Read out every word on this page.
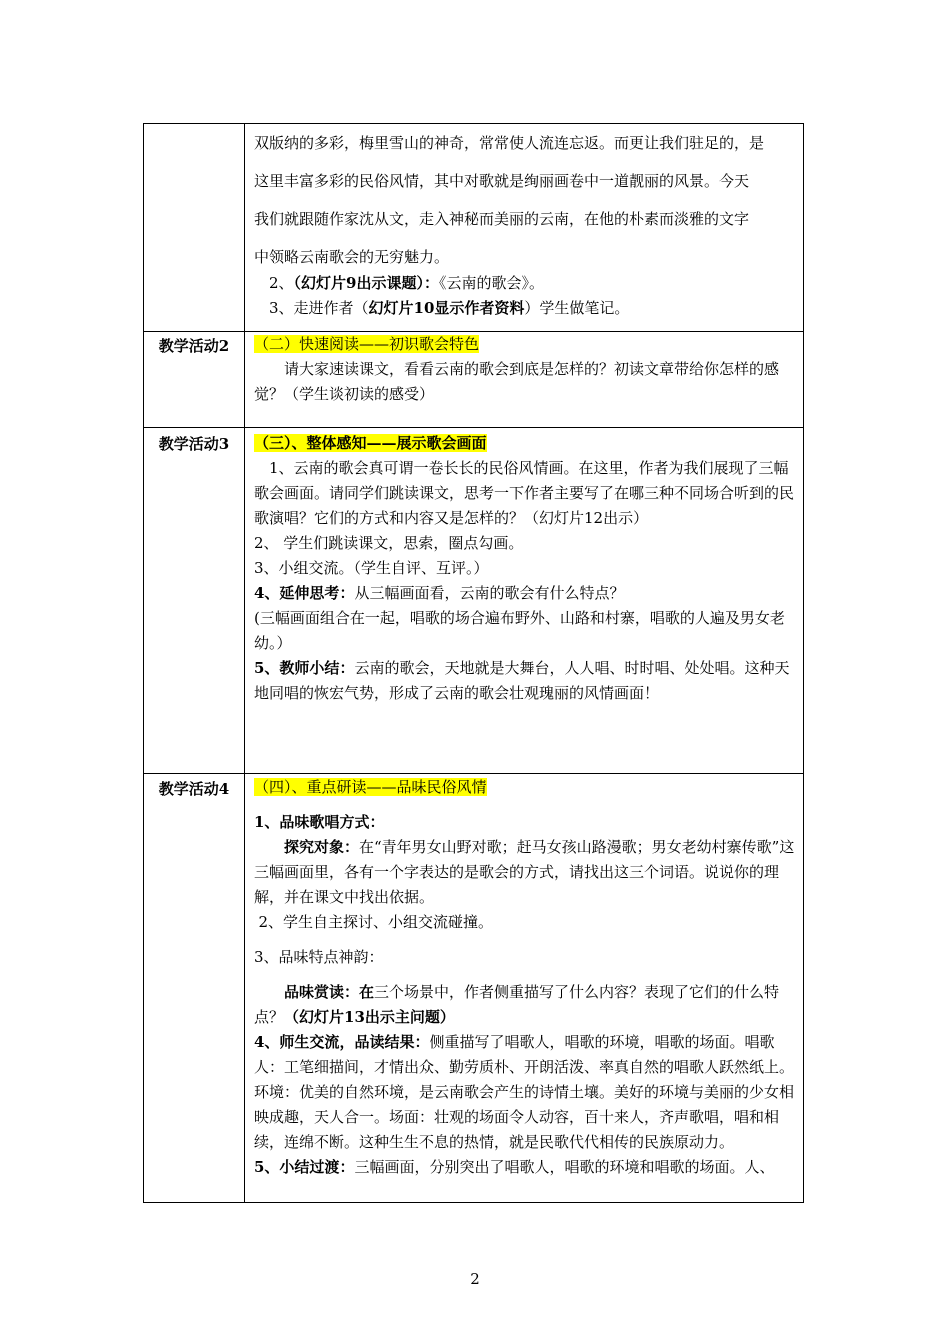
双版纳的多彩，梅里雪山的神奇，常常使人流连忘返。而更让我们驻足的，是

这里丰富多彩的民俗风情，其中对歌就是绚丽画卷中一道靓丽的风景。今天

我们就跟随作家沈从文，走入神秘而美丽的云南，在他的朴素而淡雅的文字

中领略云南歌会的无穷魅力。

2、（幻灯片9出示课题）：《云南的歌会》。

3、走进作者（幻灯片10显示作者资料）学生做笔记。

教学活动2	（二）快速阅读——初识歌会特色

请大家速读课文，看看云南的歌会到底是怎样的？初读文章带给你怎样的感觉？（学生谈初读的感受）

教学活动3	（三）、整体感知——展示歌会画面

1、云南的歌会真可谓一卷长长的民俗风情画。在这里，作者为我们展现了三幅歌会画面。请同学们跳读课文，思考一下作者主要写了在哪三种不同场合听到的民歌演唱？它们的方式和内容又是怎样的？（幻灯片12出示）

2、 学生们跳读课文，思索，圈点勾画。

3、小组交流。（学生自评、互评。）

4、延伸思考：从三幅画面看，云南的歌会有什么特点？

(三幅画面组合在一起，唱歌的场合遍布野外、山路和村寨，唱歌的人遍及男女老幼。）

5、教师小结：云南的歌会，天地就是大舞台，人人唱、时时唱、处处唱。这种天地同唱的恢宏气势，形成了云南的歌会壮观瑰丽的风情画面！

教学活动4	（四）、重点研读——品味民俗风情

1、品味歌唱方式：

探究对象：在“青年男女山野对歌；赶马女孩山路漫歌；男女老幼村寨传歌”这三幅画面里，各有一个字表达的是歌会的方式，请找出这三个词语。说说你的理解，并在课文中找出依据。

2、学生自主探讨、小组交流碰撞。

3、品味特点神韵：

品味赏读：在三个场景中，作者侧重描写了什么内容？表现了它们的什么特点？（幻灯片13出示主问题）

4、师生交流，品读结果：侧重描写了唱歌人，唱歌的环境，唱歌的场面。唱歌人：工笔细描间，才情出众、勤劳质朴、开朗活泼、率真自然的唱歌人跃然纸上。环境：优美的自然环境，是云南歌会产生的诗情土壤。美好的环境与美丽的少女相映成趣，天人合一。场面：壮观的场面令人动容，百十来人，齐声歌唱，唱和相续，连绵不断。这种生生不息的热情，就是民歌代代相传的民族原动力。

5、小结过渡：三幅画面，分别突出了唱歌人，唱歌的环境和唱歌的场面。人、

2
